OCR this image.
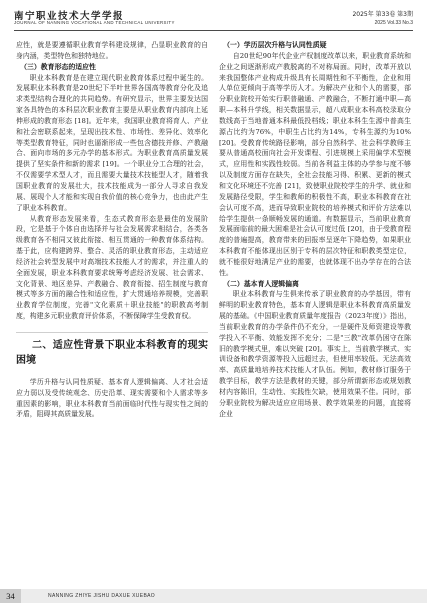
南宁职业技术大学学报
JOURNAL OF NANNING VOCATIONAL AND TECHNICAL UNIVERSITY
2025年 第33卷 第3期
2025 Vol.33 No.3

应性，就是要遵循职业教育学科建设规律，凸显职业教育的自身内涵，类型特色和独特地位。

（三）教育形态的适应性

职业本科教育是在建立现代职业教育体系过程中诞生的。发展职业本科教育是20世纪下半叶世界各国高等教育分化及追求类型结构合理化的共同趋势。有研究显示，世界主要发达国家各具特色的本科层次职业教育主要是从职业教育内部向上延伸形成的教育形态 [18]。近年来，我国职业教育将育人、产业和社会密联系起来，呈现出技术性、市场性、差异化、效率化等类型教育特征，同时也逼渐形成一些包含德技并修、产教融合、面向市场的多元办学的基本形式。为职业教育高质量发展提供了坚实条件和新的需求 [19]。一个职业分工合理的社会，不仅需要学术型人才，而且需要大量技术技能型人才，随着我国职业教育的发展壮大，技术技能成为一部分人寻求自我发展、展现个人才能和实现自我价值的核心竞争力，也由此产生了职业本科教育。

从教育形态发展来看，生态式教育形态是最佳的发展阶段，它是基于个体自由选择并与社会发展需求相结合，各类各级教育各不相同又彼此衔接、相互贯通的一种教育体系结构。基于此，应构建跨界、整合、灵活的职业教育形态，主动适应经济社会转型发展中对高端技术技能人才的需求，并注重人的全面发展，职业本科教育要求统筹考虑经济发展、社会需求、文化背景、地区差异、产教融合、教育衔接、招生制度与教育模式等多方面的融合性和适应性，扩大贯通培养规模，完善职业教育学位制度，完善"文化素质＋职业技能"的职教高考制度，构建多元职业教育评价体系，不断保障学生受教育权。

二、适应性背景下职业本科教育的现实困境

学历升格与认同性质疑、基本育人逻辑偏离、人才社会适应力弱以及受传统观念、历史沿革、现实需要和个人需求等多重因素的影响，职业本科教育当前面临时代性与现实性之间的矛盾，阻碍其高质量发展。

（一）学历层次升格与认同性质疑

自20世纪90年代企业产权制度改革以来，职业教育系统和企业之间逐渐形成产教脱离的不对称局面。同时，改革开放以来我国整体产业构成升级具有长周期性和不平衡性，企业和用人单位更倾向于高等学历人才。为解决产业和个人的需要，部分职业院校开始实行职普融通、产教融合，不断打通中职—高职—本科升学线，相关数据显示，超八成职业本科高校录取分数线高于当地普通本科最低投档线；职业本科生生源中普高生源占比约为76%，中职生占比约为14%，专科生源约为10% [20]。受教育传统路径影响，部分自然科学、社会科学教师主要从普通高校面向社会开发课程、引进规模上采用偏学术型模式，应用性和实践性较弱。当前各利益主体的办学参与度不够以及制度方面存在缺失，全社会技能习得、积累、更新的模式和文化环境还不完善 [21]，致使职业院校学生的升学、就业和发展路径受限，学生和教师的积极性不高，职业本科教育在社会认可度不高，进而导致职业院校的培养模式和评价方法难以给学生提供一条顺畅发展的通道。有数据显示，当前职业教育发展面临前的最大困难是社会认可度过低 [20]，由于受教育程度的普遍提高，教育带来的回报率呈逐年下降趋势，如果职业本科教育不能体现出区别于专科的层次特征和职教类型定位，就不能很好地满足产业的需要，也就体现不出办学存在的合法性。

（二）基本育人逻辑偏离

职业本科教育与生俱来传承了职业教育的办学基因，带有鲜明的职业教育特色，基本育人逻辑是职业本科教育高质量发展的基础。《中国职业教育质量年度报告（2023年度）》指出，当前职业教育的办学条件仍不充分，一是硬件及师资建设等教学投入不平衡、效能发挥不充分；二是"三教"改革仍困守在陈旧的教学模式里，难以突破 [20]。事实上，当前教学模式、实训设备和教学资源等投入远超过去，但使用率较低。无法高效率、高质量地培养技术技能人才队伍。例如，教材修订服务于教学目标，教学方法是教材的关键，部分所谓新形态或规划教材内容陈旧，生动性、实践性欠缺，使用效果不佳。同时，部分职业院校为解决适应应用场景、教学效果差的问题，直接将企业

34	NANNING ZHIYE JISHU DAXUE XUEBAO
